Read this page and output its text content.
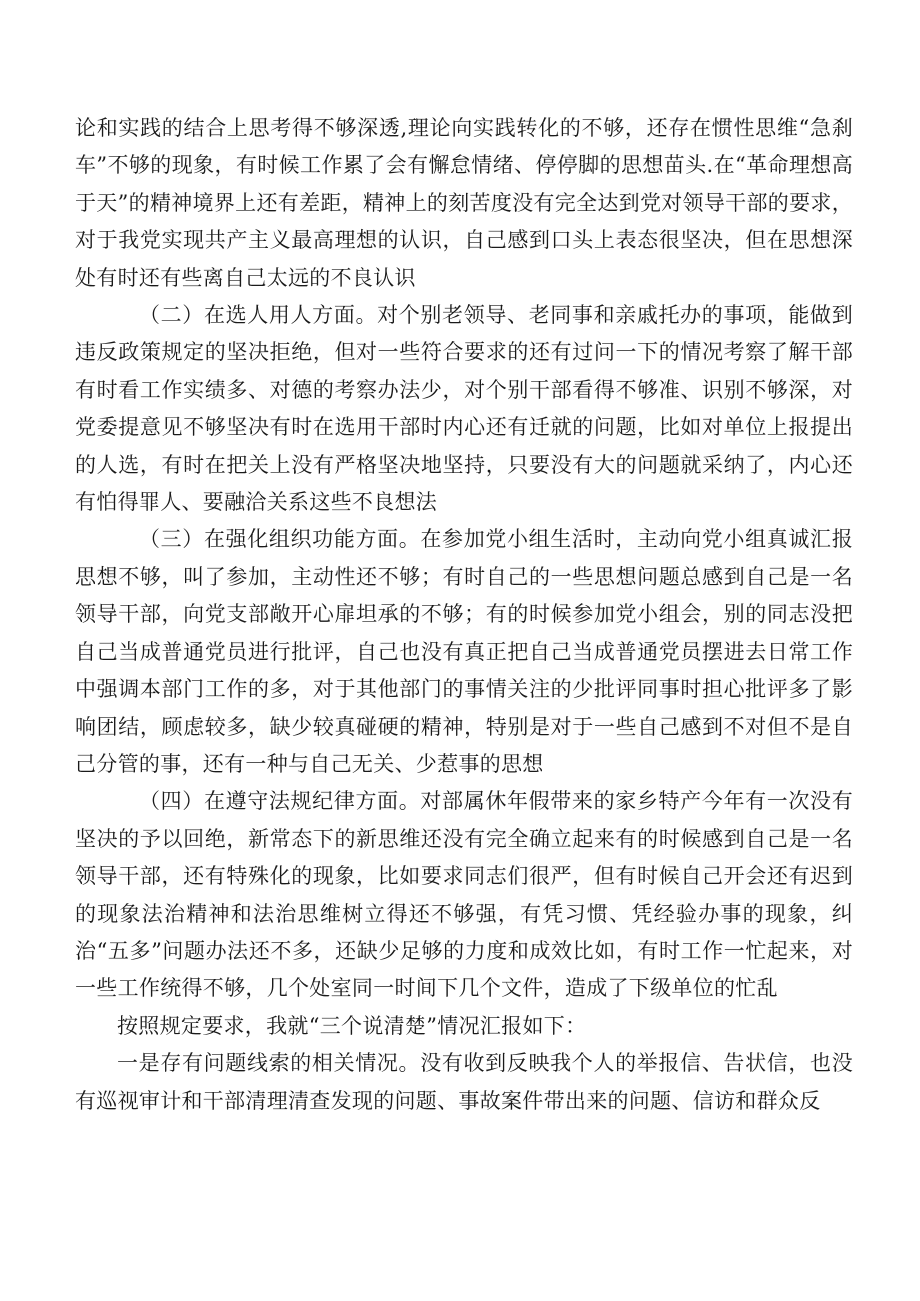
论和实践的结合上思考得不够深透,理论向实践转化的不够，还存在惯性思维“急刹车”不够的现象，有时候工作累了会有懈怠情绪、停停脚的思想苗头.在“革命理想高于天”的精神境界上还有差距，精神上的刻苦度没有完全达到党对领导干部的要求，对于我党实现共产主义最高理想的认识，自己感到口头上表态很坚决，但在思想深处有时还有些离自己太远的不良认识

（二）在选人用人方面。对个别老领导、老同事和亲戚托办的事项，能做到违反政策规定的坚决拒绝，但对一些符合要求的还有过问一下的情况考察了解干部有时看工作实绩多、对德的考察办法少，对个别干部看得不够准、识别不够深，对党委提意见不够坚决有时在选用干部时内心还有迁就的问题，比如对单位上报提出的人选，有时在把关上没有严格坚决地坚持，只要没有大的问题就采纳了，内心还有怕得罪人、要融洽关系这些不良想法

（三）在强化组织功能方面。在参加党小组生活时，主动向党小组真诚汇报思想不够，叫了参加，主动性还不够；有时自己的一些思想问题总感到自己是一名领导干部，向党支部敞开心扉坦承的不够；有的时候参加党小组会，别的同志没把自己当成普通党员进行批评，自己也没有真正把自己当成普通党员摆进去日常工作中强调本部门工作的多，对于其他部门的事情关注的少批评同事时担心批评多了影响团结，顾虑较多，缺少较真碰硬的精神，特别是对于一些自己感到不对但不是自己分管的事，还有一种与自己无关、少惹事的思想

（四）在遵守法规纪律方面。对部属休年假带来的家乡特产今年有一次没有坚决的予以回绝，新常态下的新思维还没有完全确立起来有的时候感到自己是一名领导干部，还有特殊化的现象，比如要求同志们很严，但有时候自己开会还有迟到的现象法治精神和法治思维树立得还不够强，有凭习惯、凭经验办事的现象，纠治“五多”问题办法还不多，还缺少足够的力度和成效比如，有时工作一忙起来，对一些工作统得不够，几个处室同一时间下几个文件，造成了下级单位的忙乱

按照规定要求，我就“三个说清楚”情况汇报如下：

一是存有问题线索的相关情况。没有收到反映我个人的举报信、告状信，也没有巡视审计和干部清理清查发现的问题、事故案件带出来的问题、信访和群众反
